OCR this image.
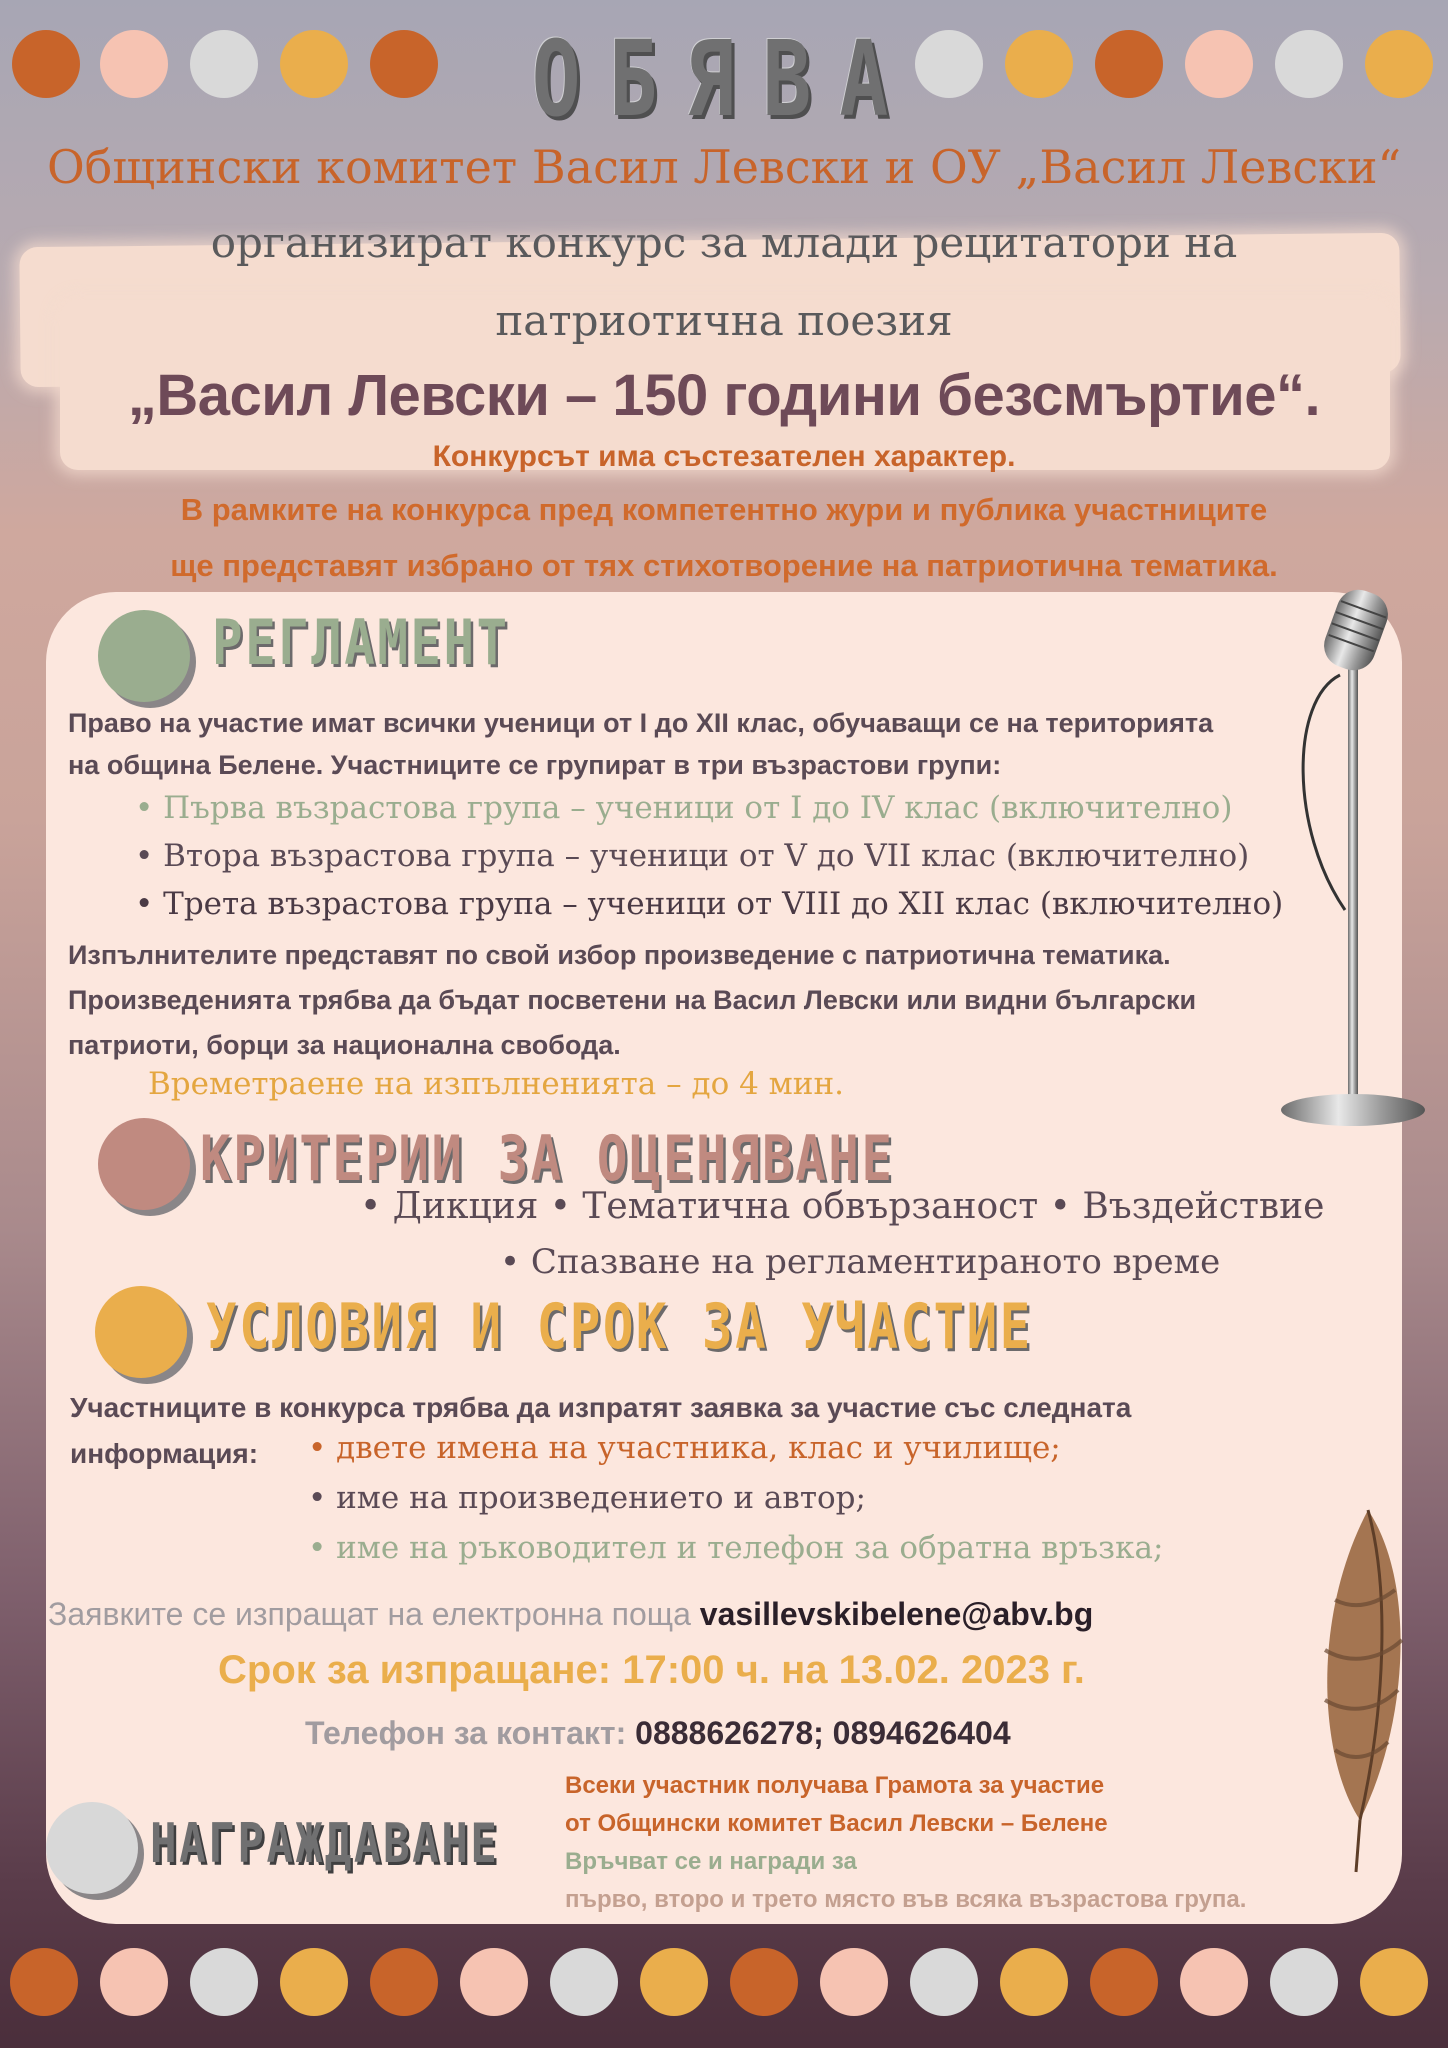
ОБЯВА
Общински комитет Васил Левски и ОУ „Васил Левски“
организират конкурс за млади рецитатори на
патриотична поезия
„Васил Левски – 150 години безсмъртие“.
Конкурсът има състезателен характер.
В рамките на конкурса пред компетентно жури и публика участниците
ще представят избрано от тях стихотворение на патриотична тематика.
РЕГЛАМЕНТ
Право на участие имат всички ученици от I до XII клас, обучаващи се на територията
на община Белене. Участниците се групират в три възрастови групи:
• Първа възрастова група – ученици от I до IV клас (включително)
• Втора възрастова група – ученици от V до VII клас (включително)
• Трета възрастова група – ученици от VIII до XII клас (включително)
Изпълнителите представят по свой избор произведение с патриотична тематика.
Произведенията трябва да бъдат посветени на Васил Левски или видни български
патриоти, борци за национална свобода.
Времетраене на изпълненията – до 4 мин.
КРИТЕРИИ ЗА ОЦЕНЯВАНЕ
• Дикция • Тематична обвързаност • Въздействие
• Спазване на регламентираното време
УСЛОВИЯ И СРОК ЗА УЧАСТИЕ
Участниците в конкурса трябва да изпратят заявка за участие със следната
информация: • двете имена на участника, клас и училище;
• име на произведението и автор;
• име на ръководител и телефон за обратна връзка;
Заявките се изпращат на електронна поща vasillevskibelene@abv.bg
Срок за изпращане: 17:00 ч. на 13.02. 2023 г.
Телефон за контакт: 0888626278; 0894626404
НАГРАЖДАВАНЕ
Всеки участник получава Грамота за участие
от Общински комитет Васил Левски – Белене
Връчват се и награди за
първо, второ и трето място във всяка възрастова група.
